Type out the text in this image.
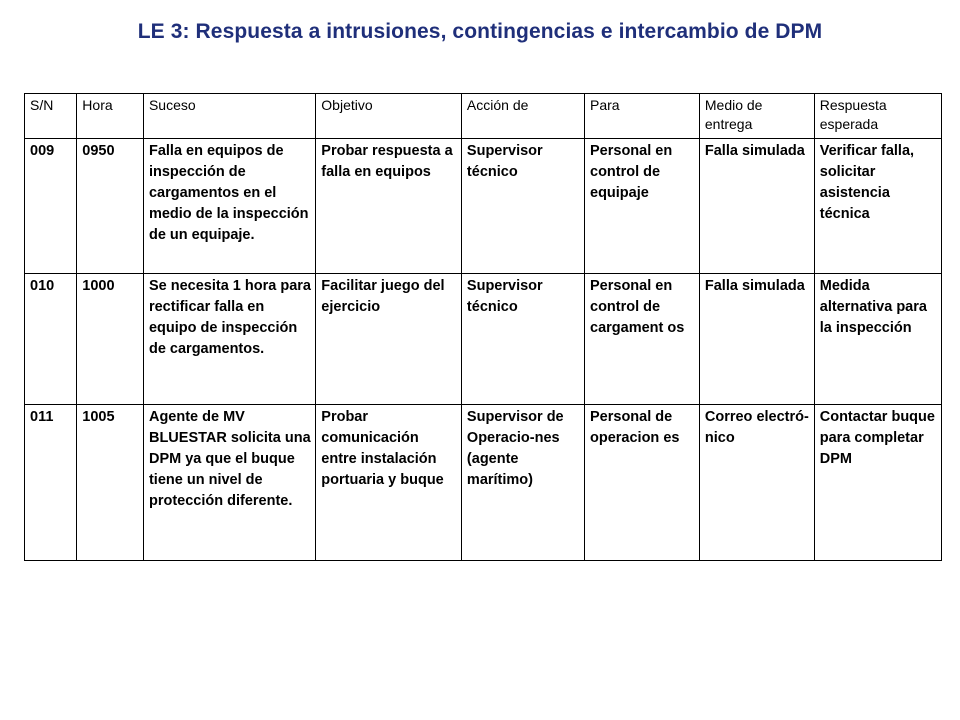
LE 3: Respuesta a intrusiones, contingencias e intercambio de DPM
S/N	Hora	Suceso	Objetivo	Acción de	Para	Medio de entrega	Respuesta esperada
009	0950	Falla en equipos de inspección de cargamentos en el medio de la inspección de un equipaje.	Probar respuesta a falla en equipos	Supervisor técnico	Personal en control de equipaje	Falla simulada	Verificar falla, solicitar asistencia técnica
010	1000	Se necesita 1 hora para rectificar falla en equipo de inspección de cargamentos.	Facilitar juego del ejercicio	Supervisor técnico	Personal en control de cargament os	Falla simulada	Medida alternativa para la inspección
011	1005	Agente de MV BLUESTAR solicita una DPM ya que el buque tiene un nivel de protección diferente.	Probar comunicación entre instalación portuaria y buque	Supervisor de Operacio-nes (agente marítimo)	Personal de operacion es	Correo electró-nico	Contactar buque para completar DPM
